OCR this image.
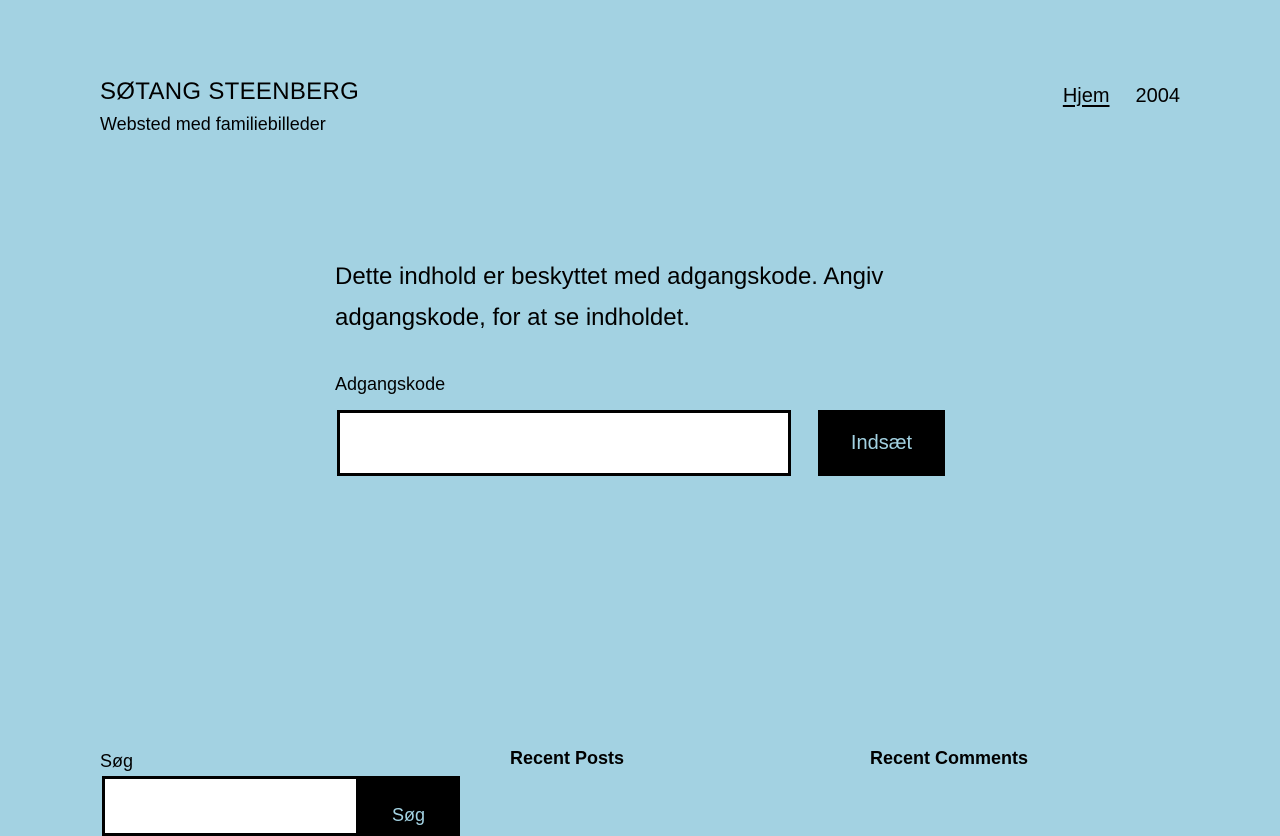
SØTANG STEENBERG
Websted med familiebilleder
Hjem 2004

Dette indhold er beskyttet med adgangskode. Angiv adgangskode, for at se indholdet.

Adgangskode
Indsæt
Søg
Søg
Recent Posts	Recent Comments
